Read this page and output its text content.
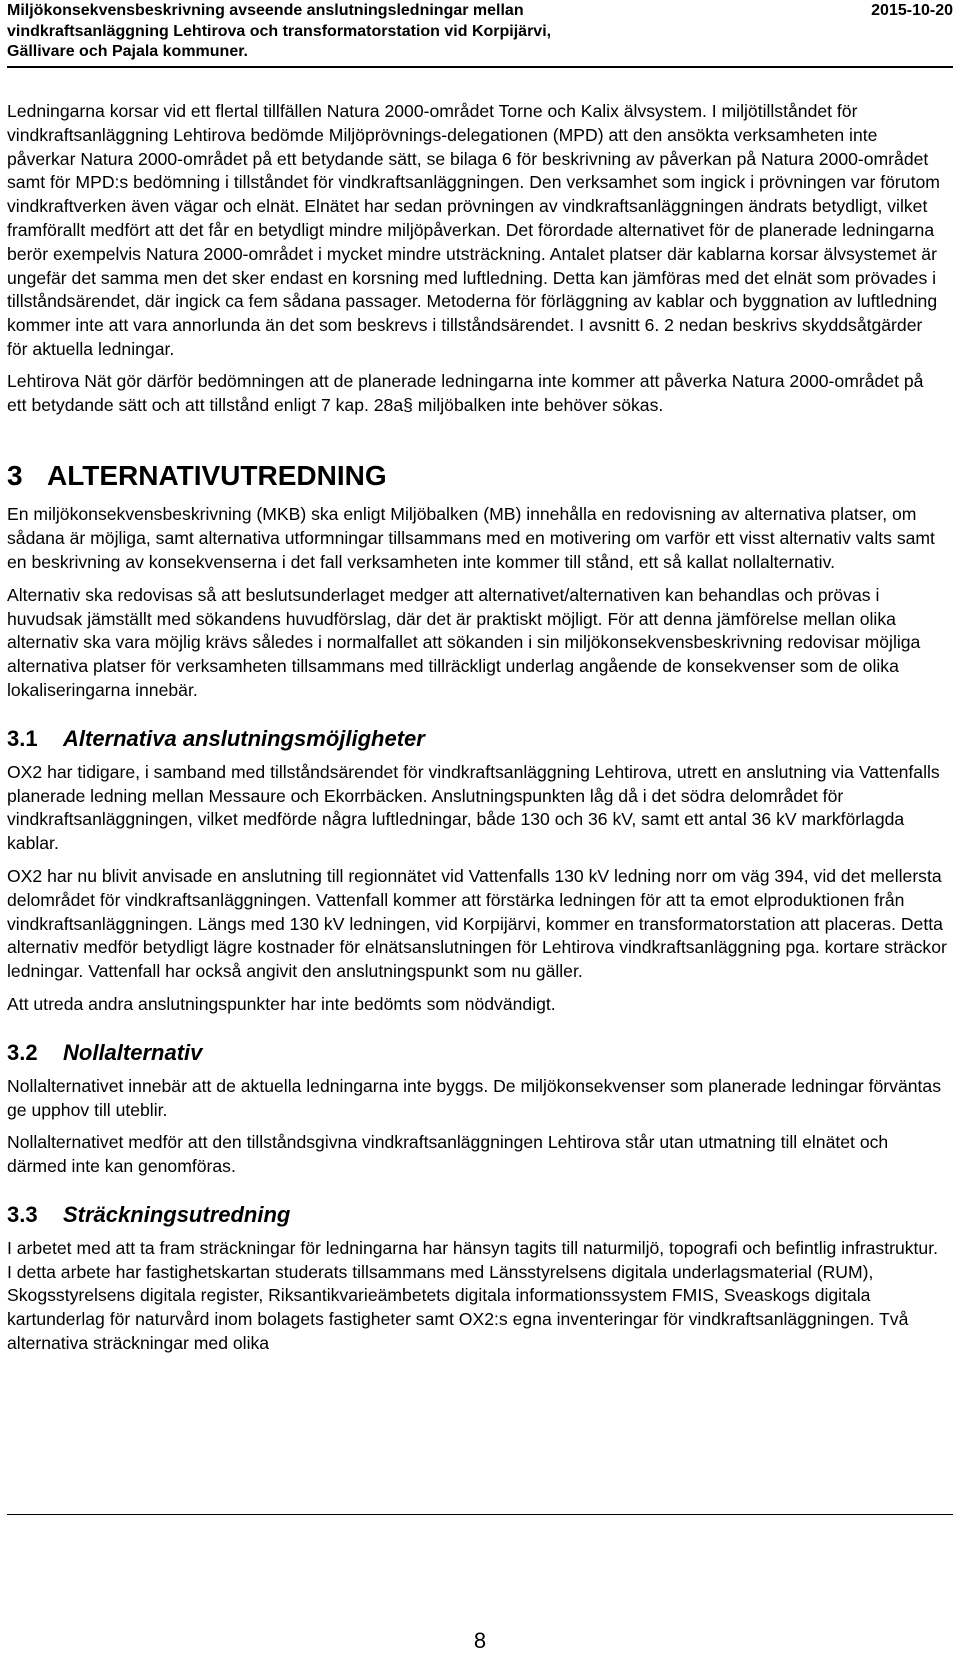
Miljökonsekvensbeskrivning avseende anslutningsledningar mellan
vindkraftsanläggning Lehtirova och transformatorstation vid Korpijärvi,
Gällivare och Pajala kommuner.
2015-10-20

Ledningarna korsar vid ett flertal tillfällen Natura 2000-området Torne och Kalix älvsystem. I miljötillståndet för vindkraftsanläggning Lehtirova bedömde Miljöprövnings-delegationen (MPD) att den ansökta verksamheten inte påverkar Natura 2000-området på ett betydande sätt, se bilaga 6 för beskrivning av påverkan på Natura 2000-området samt för MPD:s bedömning i tillståndet för vindkraftsanläggningen. Den verksamhet som ingick i prövningen var förutom vindkraftverken även vägar och elnät. Elnätet har sedan prövningen av vindkraftsanläggningen ändrats betydligt, vilket framförallt medfört att det får en betydligt mindre miljöpåverkan. Det förordade alternativet för de planerade ledningarna berör exempelvis Natura 2000-området i mycket mindre utsträckning. Antalet platser där kablarna korsar älvsystemet är ungefär det samma men det sker endast en korsning med luftledning. Detta kan jämföras med det elnät som prövades i tillståndsärendet, där ingick ca fem sådana passager. Metoderna för förläggning av kablar och byggnation av luftledning kommer inte att vara annorlunda än det som beskrevs i tillståndsärendet. I avsnitt 6. 2 nedan beskrivs skyddsåtgärder för aktuella ledningar.

Lehtirova Nät gör därför bedömningen att de planerade ledningarna inte kommer att påverka Natura 2000-området på ett betydande sätt och att tillstånd enligt 7 kap. 28a§ miljöbalken inte behöver sökas.

3 ALTERNATIVUTREDNING

En miljökonsekvensbeskrivning (MKB) ska enligt Miljöbalken (MB) innehålla en redovisning av alternativa platser, om sådana är möjliga, samt alternativa utformningar tillsammans med en motivering om varför ett visst alternativ valts samt en beskrivning av konsekvenserna i det fall verksamheten inte kommer till stånd, ett så kallat nollalternativ.

Alternativ ska redovisas så att beslutsunderlaget medger att alternativet/alternativen kan behandlas och prövas i huvudsak jämställt med sökandens huvudförslag, där det är praktiskt möjligt. För att denna jämförelse mellan olika alternativ ska vara möjlig krävs således i normalfallet att sökanden i sin miljökonsekvensbeskrivning redovisar möjliga alternativa platser för verksamheten tillsammans med tillräckligt underlag angående de konsekvenser som de olika lokaliseringarna innebär.

3.1 Alternativa anslutningsmöjligheter

OX2 har tidigare, i samband med tillståndsärendet för vindkraftsanläggning Lehtirova, utrett en anslutning via Vattenfalls planerade ledning mellan Messaure och Ekorrbäcken. Anslutningspunkten låg då i det södra delområdet för vindkraftsanläggningen, vilket medförde några luftledningar, både 130 och 36 kV, samt ett antal 36 kV markförlagda kablar.

OX2 har nu blivit anvisade en anslutning till regionnätet vid Vattenfalls 130 kV ledning norr om väg 394, vid det mellersta delområdet för vindkraftsanläggningen. Vattenfall kommer att förstärka ledningen för att ta emot elproduktionen från vindkraftsanläggningen. Längs med 130 kV ledningen, vid Korpijärvi, kommer en transformatorstation att placeras. Detta alternativ medför betydligt lägre kostnader för elnätsanslutningen för Lehtirova vindkraftsanläggning pga. kortare sträckor ledningar. Vattenfall har också angivit den anslutningspunkt som nu gäller.

Att utreda andra anslutningspunkter har inte bedömts som nödvändigt.

3.2 Nollalternativ

Nollalternativet innebär att de aktuella ledningarna inte byggs. De miljökonsekvenser som planerade ledningar förväntas ge upphov till uteblir.

Nollalternativet medför att den tillståndsgivna vindkraftsanläggningen Lehtirova står utan utmatning till elnätet och därmed inte kan genomföras.

3.3 Sträckningsutredning

I arbetet med att ta fram sträckningar för ledningarna har hänsyn tagits till naturmiljö, topografi och befintlig infrastruktur. I detta arbete har fastighetskartan studerats tillsammans med Länsstyrelsens digitala underlagsmaterial (RUM), Skogsstyrelsens digitala register, Riksantikvarieämbetets digitala informationssystem FMIS, Sveaskogs digitala kartunderlag för naturvård inom bolagets fastigheter samt OX2:s egna inventeringar för vindkraftsanläggningen. Två alternativa sträckningar med olika

8
